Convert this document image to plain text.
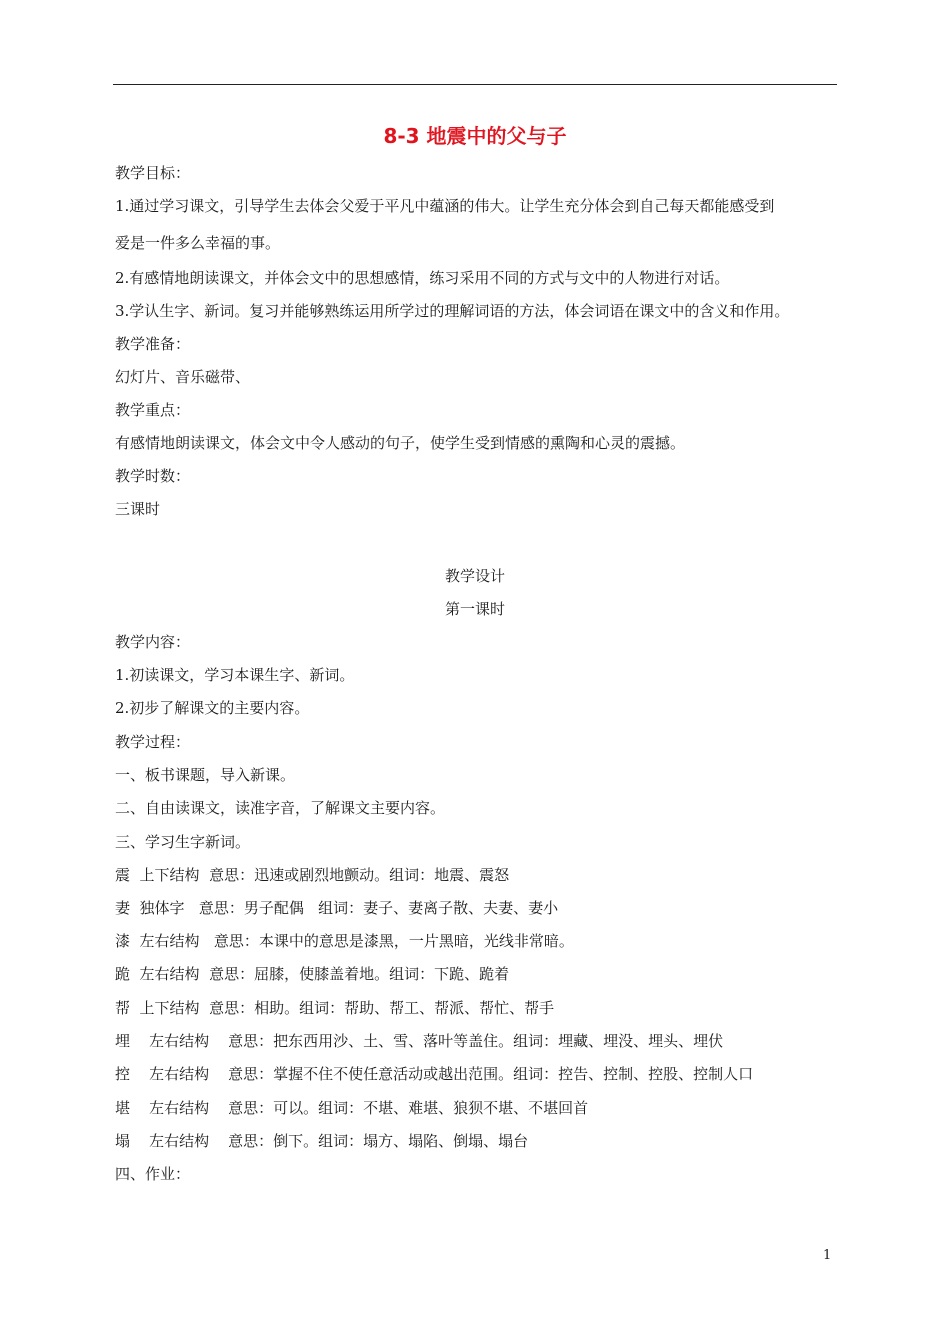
8-3 地震中的父与子
教学目标：
1.通过学习课文，引导学生去体会父爱于平凡中蕴涵的伟大。让学生充分体会到自己每天都能感受到
爱是一件多么幸福的事。
2.有感情地朗读课文，并体会文中的思想感情，练习采用不同的方式与文中的人物进行对话。
3.学认生字、新词。复习并能够熟练运用所学过的理解词语的方法，体会词语在课文中的含义和作用。
教学准备：
幻灯片、音乐磁带、
教学重点：
有感情地朗读课文，体会文中令人感动的句子，使学生受到情感的熏陶和心灵的震撼。
教学时数：
三课时
教学设计
第一课时
教学内容：
1.初读课文，学习本课生字、新词。
2.初步了解课文的主要内容。
教学过程：
一、板书课题，导入新课。
二、自由读课文，读准字音，了解课文主要内容。
三、学习生字新词。
震  上下结构  意思：迅速或剧烈地颤动。组词：地震、震怒
妻  独体字   意思：男子配偶   组词：妻子、妻离子散、夫妻、妻小
漆  左右结构   意思：本课中的意思是漆黑，一片黑暗，光线非常暗。
跪  左右结构  意思：屈膝，使膝盖着地。组词：下跪、跪着
帮  上下结构  意思：相助。组词：帮助、帮工、帮派、帮忙、帮手
埋    左右结构    意思：把东西用沙、土、雪、落叶等盖住。组词：埋藏、埋没、埋头、埋伏
控    左右结构    意思：掌握不住不使任意活动或越出范围。组词：控告、控制、控股、控制人口
堪    左右结构    意思：可以。组词：不堪、难堪、狼狈不堪、不堪回首
塌    左右结构    意思：倒下。组词：塌方、塌陷、倒塌、塌台
四、作业：
1
